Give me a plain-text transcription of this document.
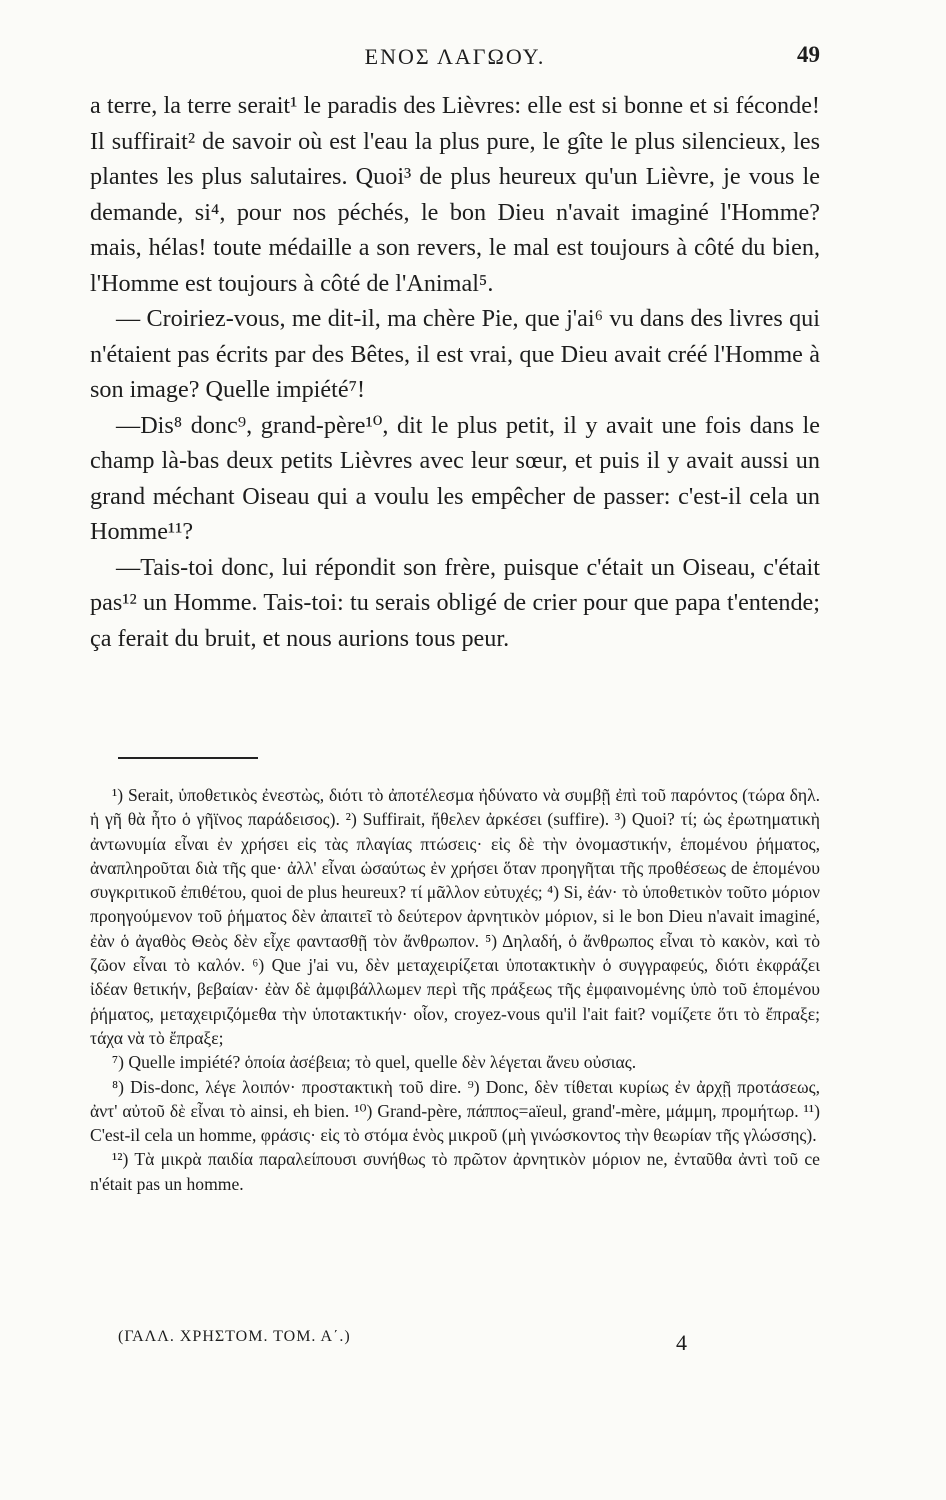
ΕΝΟΣ ΛΑΓΩΟΥ.	49

a terre, la terre serait¹ le paradis des Lièvres: elle est si bonne et si féconde! Il suffirait² de savoir où est l'eau la plus pure, le gîte le plus silencieux, les plantes les plus salutaires. Quoi³ de plus heureux qu'un Lièvre, je vous le demande, si⁴, pour nos péchés, le bon Dieu n'avait imaginé l'Homme? mais, hélas! toute médaille a son revers, le mal est toujours à côté du bien, l'Homme est toujours à côté de l'Animal⁵.

— Croiriez-vous, me dit-il, ma chère Pie, que j'ai⁶ vu dans des livres qui n'étaient pas écrits par des Bêtes, il est vrai, que Dieu avait créé l'Homme à son image? Quelle impiété⁷!

—Dis⁸ donc⁹, grand-père¹⁰, dit le plus petit, il y avait une fois dans le champ là-bas deux petits Lièvres avec leur sœur, et puis il y avait aussi un grand méchant Oiseau qui a voulu les empêcher de passer: c'est-il cela un Homme¹¹?

—Tais-toi donc, lui répondit son frère, puisque c'était un Oiseau, c'était pas¹² un Homme. Tais-toi: tu serais obligé de crier pour que papa t'entende; ça ferait du bruit, et nous aurions tous peur.

¹) Serait, ὑποθετικὸς ἐνεστὼς, διότι τὸ ἀποτέλεσμα ἠδύνατο νὰ συμβῇ ἐπὶ τοῦ παρόντος (τώρα δηλ. ἡ γῆ θὰ ἦτο ὁ γῆϊνος παράδεισος). ²) Suffirait, ἤθελεν ἀρκέσει (suffire). ³) Quoi? τί; ὡς ἐρωτηματικὴ ἀντωνυμία εἶναι ἐν χρήσει εἰς τὰς πλαγίας πτώσεις· εἰς δὲ τὴν ὀνομαστικήν, ἑπομένου ῥήματος, ἀναπληροῦται διὰ τῆς que· ἀλλ' εἶναι ὡσαύτως ἐν χρήσει ὅταν προηγῆται τῆς προθέσεως de ἑπομένου συγκριτικοῦ ἐπιθέτου, quoi de plus heureux? τί μᾶλλον εὐτυχές; ⁴) Si, ἐάν· τὸ ὑποθετικὸν τοῦτο μόριον προηγούμενον τοῦ ῥήματος δὲν ἀπαιτεῖ τὸ δεύτερον ἀρνητικὸν μόριον, si le bon Dieu n'avait imaginé, ἐὰν ὁ ἀγαθὸς Θεὸς δὲν εἶχε φαντασθῇ τὸν ἄνθρωπον. ⁵) Δηλαδή, ὁ ἄνθρωπος εἶναι τὸ κακὸν, καὶ τὸ ζῶον εἶναι τὸ καλόν. ⁶) Que j'ai vu, δὲν μεταχειρίζεται ὑποτακτικὴν ὁ συγγραφεύς, διότι ἐκφράζει ἰδέαν θετικήν, βεβαίαν· ἐὰν δὲ ἀμφιβάλλωμεν περὶ τῆς πράξεως τῆς ἐμφαινομένης ὑπὸ τοῦ ἑπομένου ῥήματος, μεταχειριζόμεθα τὴν ὑποτακτικήν· οἷον, croyez-vous qu'il l'ait fait? νομίζετε ὅτι τὸ ἔπραξε; τάχα νὰ τὸ ἔπραξε;

⁷) Quelle impiété? ὁποία ἀσέβεια; τὸ quel, quelle δὲν λέγεται ἄνευ οὐσιας.

⁸) Dis-donc, λέγε λοιπόν· προστακτικὴ τοῦ dire. ⁹) Donc, δὲν τίθεται κυρίως ἐν ἀρχῇ προτάσεως, ἀντ' αὐτοῦ δὲ εἶναι τὸ ainsi, eh bien. ¹⁰) Grand-père, πάππος=aïeul, grand'-mère, μάμμη, προμήτωρ. ¹¹) C'est-il cela un homme, φράσις· εἰς τὸ στόμα ἑνὸς μικροῦ (μὴ γινώσκοντος τὴν θεωρίαν τῆς γλώσσης).

¹²) Τὰ μικρὰ παιδία παραλείπουσι συνήθως τὸ πρῶτον ἀρνητικὸν μόριον ne, ἐνταῦθα ἀντὶ τοῦ ce n'était pas un homme.

(ΓΑΛΛ. ΧΡΗΣΤΟΜ. ΤΟΜ. Α΄.)	4
